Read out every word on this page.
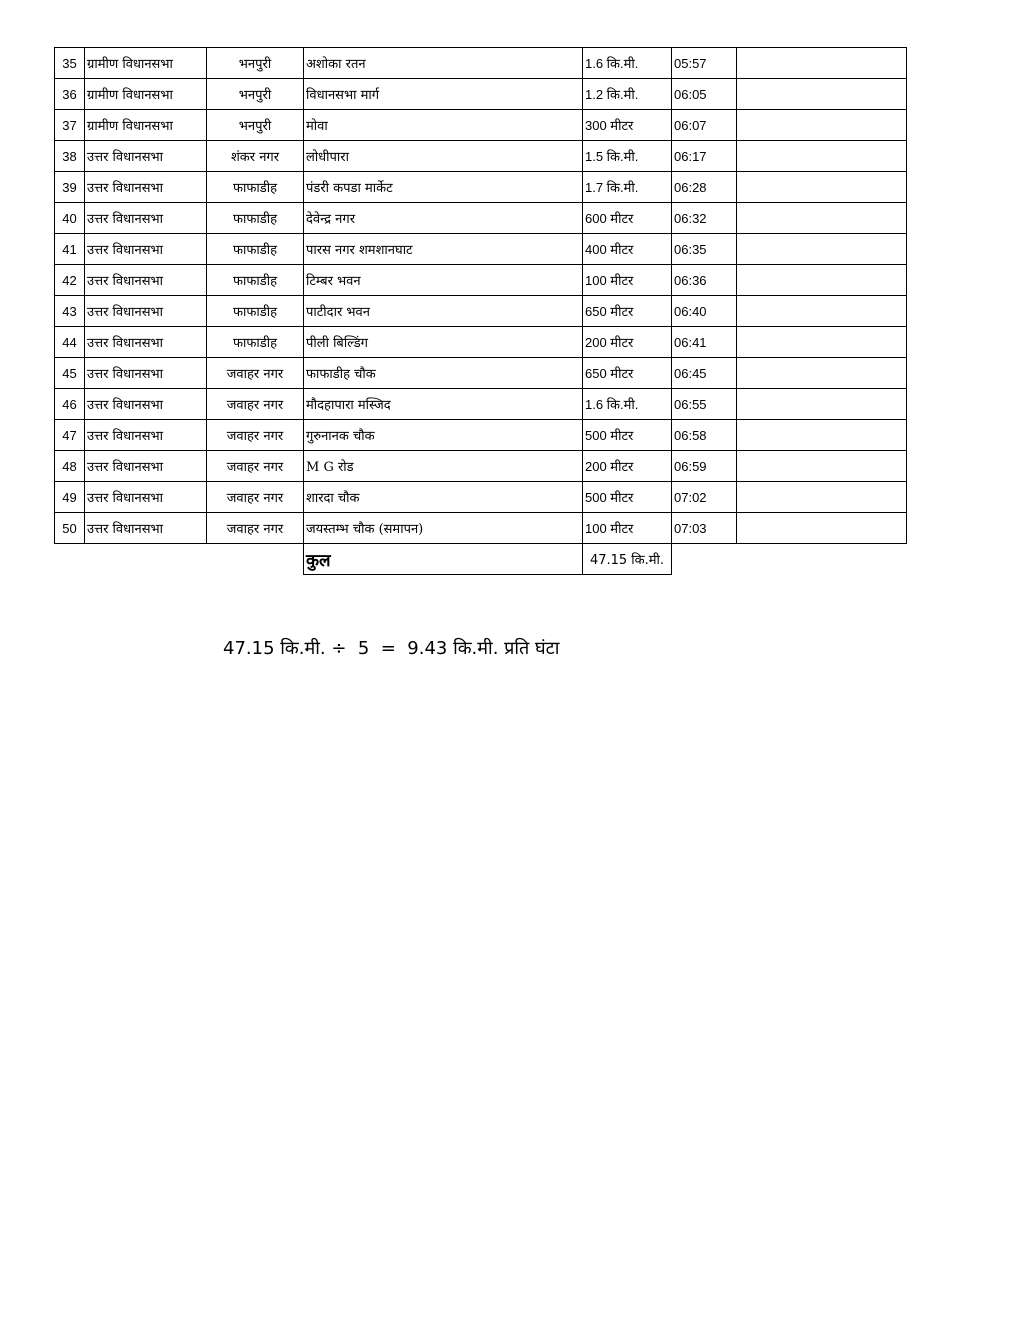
35	ग्रामीण विधानसभा	भनपुरी	अशोका रतन	1.6 कि.मी.	05:57	
36	ग्रामीण विधानसभा	भनपुरी	विधानसभा मार्ग	1.2 कि.मी.	06:05	
37	ग्रामीण विधानसभा	भनपुरी	मोवा	300 मीटर	06:07	
38	उत्तर विधानसभा	शंकर नगर	लोधीपारा	1.5 कि.मी.	06:17	
39	उत्तर विधानसभा	फाफाडीह	पंडरी कपडा मार्केट	1.7 कि.मी.	06:28	
40	उत्तर विधानसभा	फाफाडीह	देवेन्द्र नगर	600 मीटर	06:32	
41	उत्तर विधानसभा	फाफाडीह	पारस नगर शमशानघाट	400 मीटर	06:35	
42	उत्तर विधानसभा	फाफाडीह	टिम्बर भवन	100 मीटर	06:36	
43	उत्तर विधानसभा	फाफाडीह	पाटीदार भवन	650 मीटर	06:40	
44	उत्तर विधानसभा	फाफाडीह	पीली बिल्डिंग	200 मीटर	06:41	
45	उत्तर विधानसभा	जवाहर नगर	फाफाडीह चौक	650 मीटर	06:45	
46	उत्तर विधानसभा	जवाहर नगर	मौदहापारा मस्जिद	1.6 कि.मी.	06:55	
47	उत्तर विधानसभा	जवाहर नगर	गुरुनानक चौक	500 मीटर	06:58	
48	उत्तर विधानसभा	जवाहर नगर	M G रोड	200 मीटर	06:59	
49	उत्तर विधानसभा	जवाहर नगर	शारदा चौक	500 मीटर	07:02	
50	उत्तर विधानसभा	जवाहर नगर	जयस्तम्भ चौक (समापन)	100 मीटर	07:03	
			कुल	47.15 कि.मी.		
47.15 कि.मी. ÷  5  =  9.43 कि.मी. प्रति घंटा
